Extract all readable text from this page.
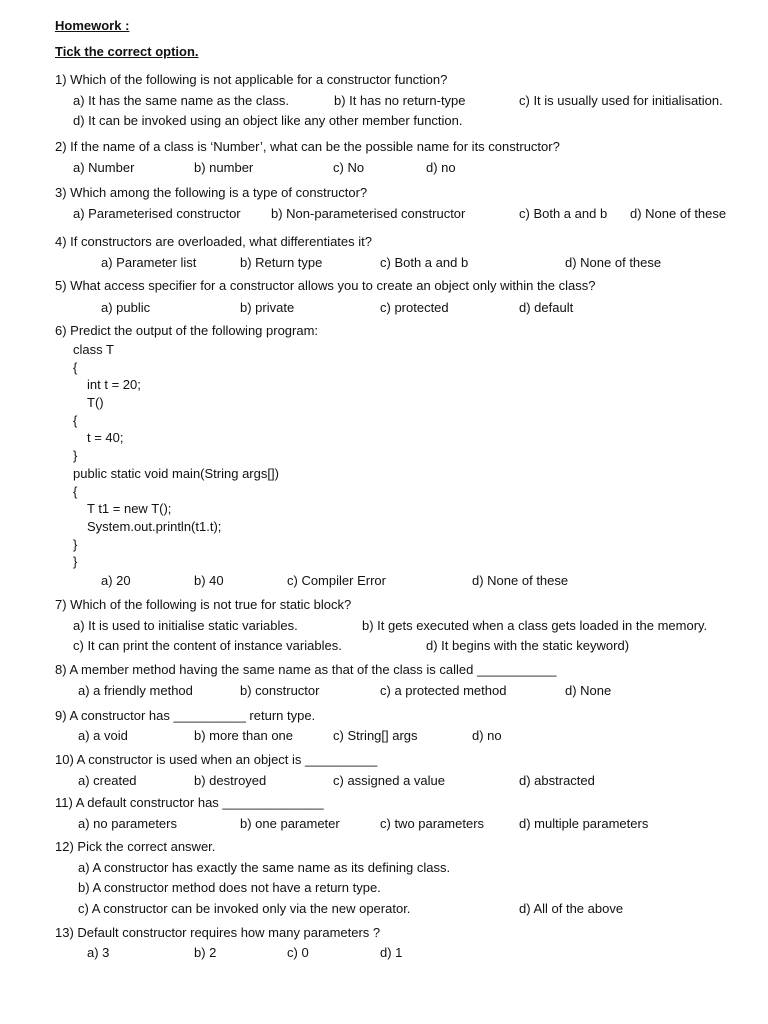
Homework :
Tick the correct option.
1) Which of the following is not applicable for a constructor function?
a) It has the same name as the class.	b) It has no return-type	c) It is usually used for initialisation.
d) It can be invoked using an object like any other member function.
2) If the name of a class is ‘Number’, what can be the possible name for its constructor?
a) Number	b) number	c) No	d) no
3) Which among the following is a type of constructor?
a) Parameterised constructor b) Non-parameterised constructor	c) Both a and b d) None of these
4) If constructors are overloaded, what differentiates it?
a) Parameter list	b) Return type	c) Both a and b	d) None of these
5) What access specifier for a constructor allows you to create an object only within the class?
a) public	b) private	c) protected	d) default
6) Predict the output of the following program:
class T
{
int t = 20;
T()
{
t = 40;
}
public static void main(String args[])
{
T t1 = new T();
System.out.println(t1.t);
}
}
a) 20	b) 40	c) Compiler Error	d) None of these
7) Which of the following is not true for static block?
a) It is used to initialise static variables.	b) It gets executed when a class gets loaded in the memory.
c) It can print the content of instance variables.	d) It begins with the static keyword)
8) A member method having the same name as that of the class is called ___________
a) a friendly method	b) constructor	c) a protected method	d) None
9) A constructor has __________ return type.
a) a void	b) more than one	c) String[] args	d) no
10) A constructor is used when an object is __________
a) created	b) destroyed	c) assigned a value	d) abstracted
11) A default constructor has ______________
a) no parameters	b) one parameter	c) two parameters	d) multiple parameters
12) Pick the correct answer.
a) A constructor has exactly the same name as its defining class.
b) A constructor method does not have a return type.
c) A constructor can be invoked only via the new operator.	d) All of the above
13) Default constructor requires how many parameters ?
a) 3	b) 2	c) 0	d) 1
